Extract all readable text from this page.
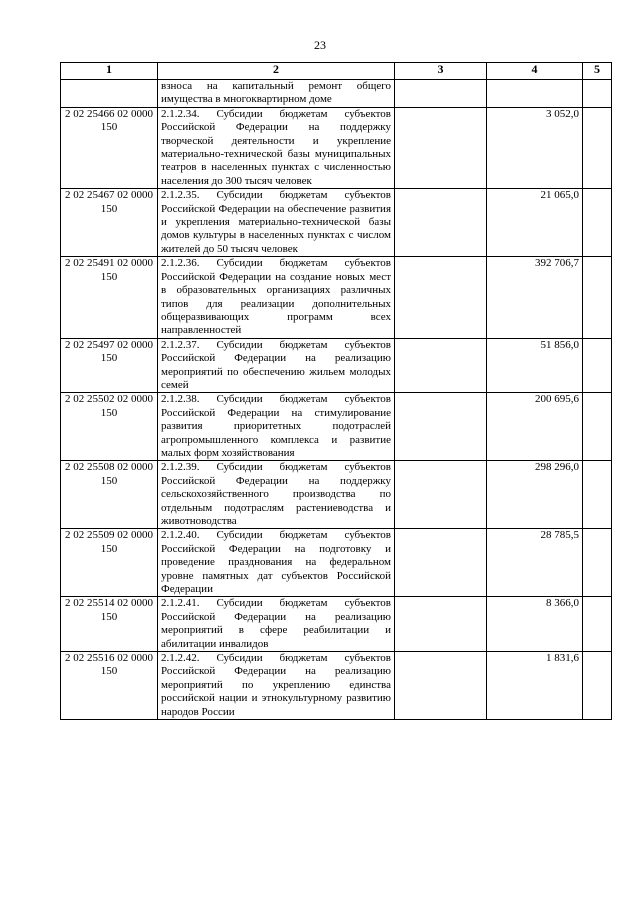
23
1	2	3	4	5
	взноса на капитальный ремонт общего имущества в многоквартирном доме			
2 02 25466 02 0000 150	2.1.2.34. Субсидии бюджетам субъектов Российской Федерации на поддержку творческой деятельности и укрепление материально-технической базы муниципальных театров в населенных пунктах с численностью населения до 300 тысяч человек		3 052,0	
2 02 25467 02 0000 150	2.1.2.35. Субсидии бюджетам субъектов Российской Федерации на обеспечение развития и укрепления материально-технической базы домов культуры в населенных пунктах с числом жителей до 50 тысяч человек		21 065,0	
2 02 25491 02 0000 150	2.1.2.36. Субсидии бюджетам субъектов Российской Федерации на создание новых мест в образовательных организациях различных типов для реализации дополнительных общеразвивающих программ всех направленностей		392 706,7	
2 02 25497 02 0000 150	2.1.2.37. Субсидии бюджетам субъектов Российской Федерации на реализацию мероприятий по обеспечению жильем молодых семей		51 856,0	
2 02 25502 02 0000 150	2.1.2.38. Субсидии бюджетам субъектов Российской Федерации на стимулирование развития приоритетных подотраслей агропромышленного комплекса и развитие малых форм хозяйствования		200 695,6	
2 02 25508 02 0000 150	2.1.2.39. Субсидии бюджетам субъектов Российской Федерации на поддержку сельскохозяйственного производства по отдельным подотраслям растениеводства и животноводства		298 296,0	
2 02 25509 02 0000 150	2.1.2.40. Субсидии бюджетам субъектов Российской Федерации на подготовку и проведение празднования на федеральном уровне памятных дат субъектов Российской Федерации		28 785,5	
2 02 25514 02 0000 150	2.1.2.41. Субсидии бюджетам субъектов Российской Федерации на реализацию мероприятий в сфере реабилитации и абилитации инвалидов		8 366,0	
2 02 25516 02 0000 150	2.1.2.42. Субсидии бюджетам субъектов Российской Федерации на реализацию мероприятий по укреплению единства российской нации и этнокультурному развитию народов России		1 831,6	
